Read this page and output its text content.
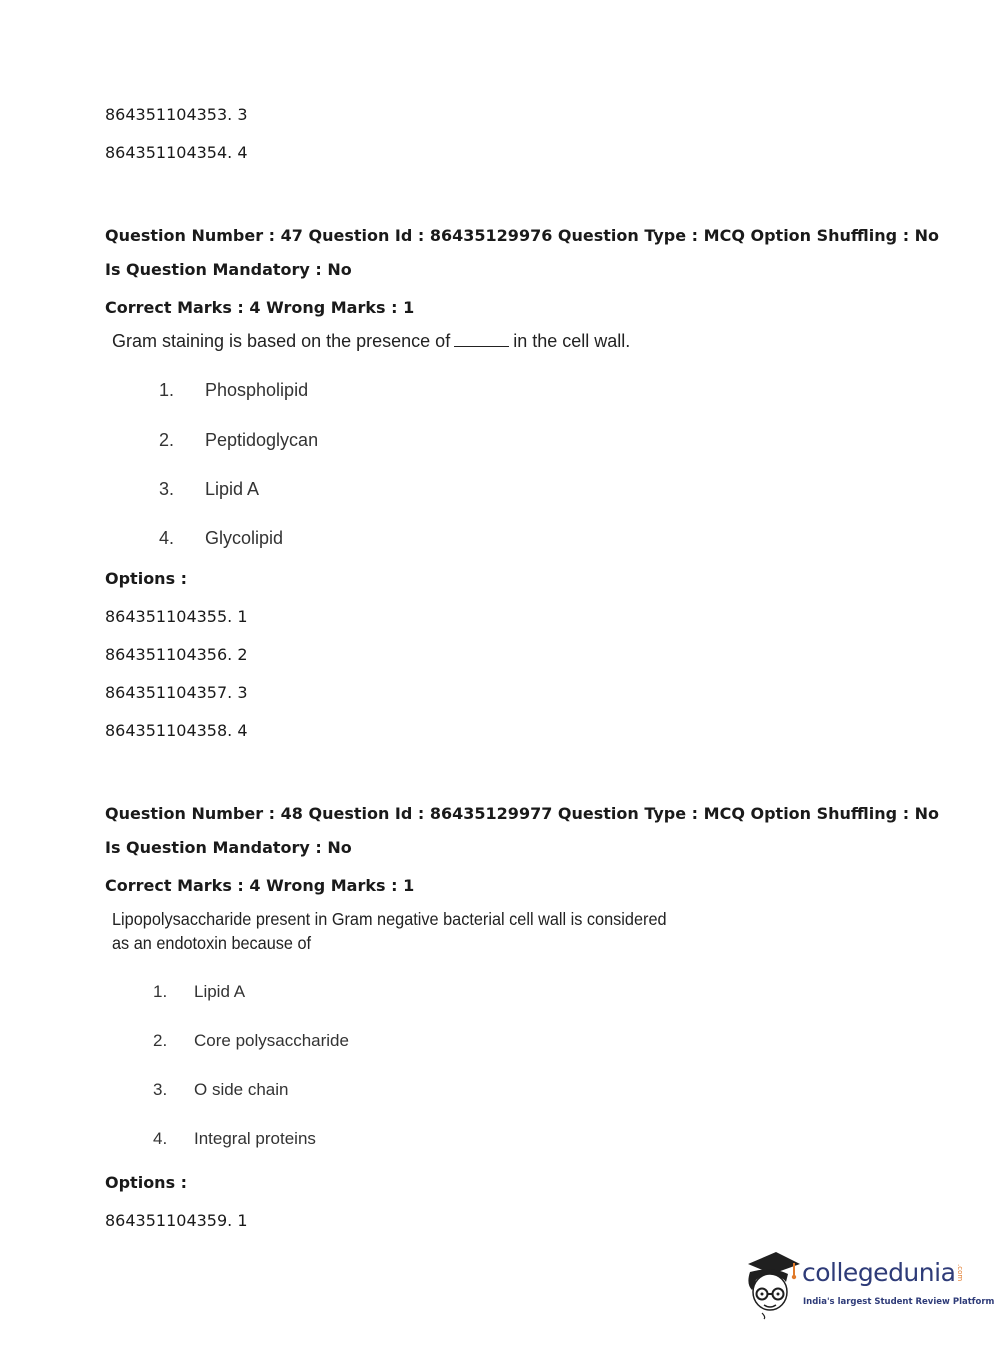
864351104353. 3
864351104354. 4
Question Number : 47 Question Id : 86435129976 Question Type : MCQ Option Shuffling : No
Is Question Mandatory : No
Correct Marks : 4 Wrong Marks : 1
Gram staining is based on the presence of	in the cell wall.
1. Phospholipid
2. Peptidoglycan
3. Lipid A
4. Glycolipid
Options :
864351104355. 1
864351104356. 2
864351104357. 3
864351104358. 4
Question Number : 48 Question Id : 86435129977 Question Type : MCQ Option Shuffling : No
Is Question Mandatory : No
Correct Marks : 4 Wrong Marks : 1
Lipopolysaccharide present in Gram negative bacterial cell wall is considered
as an endotoxin because of
1. Lipid A
2. Core polysaccharide
3. O side chain
4. Integral proteins
Options :
864351104359. 1
collegedunia .com
India's largest Student Review Platform
